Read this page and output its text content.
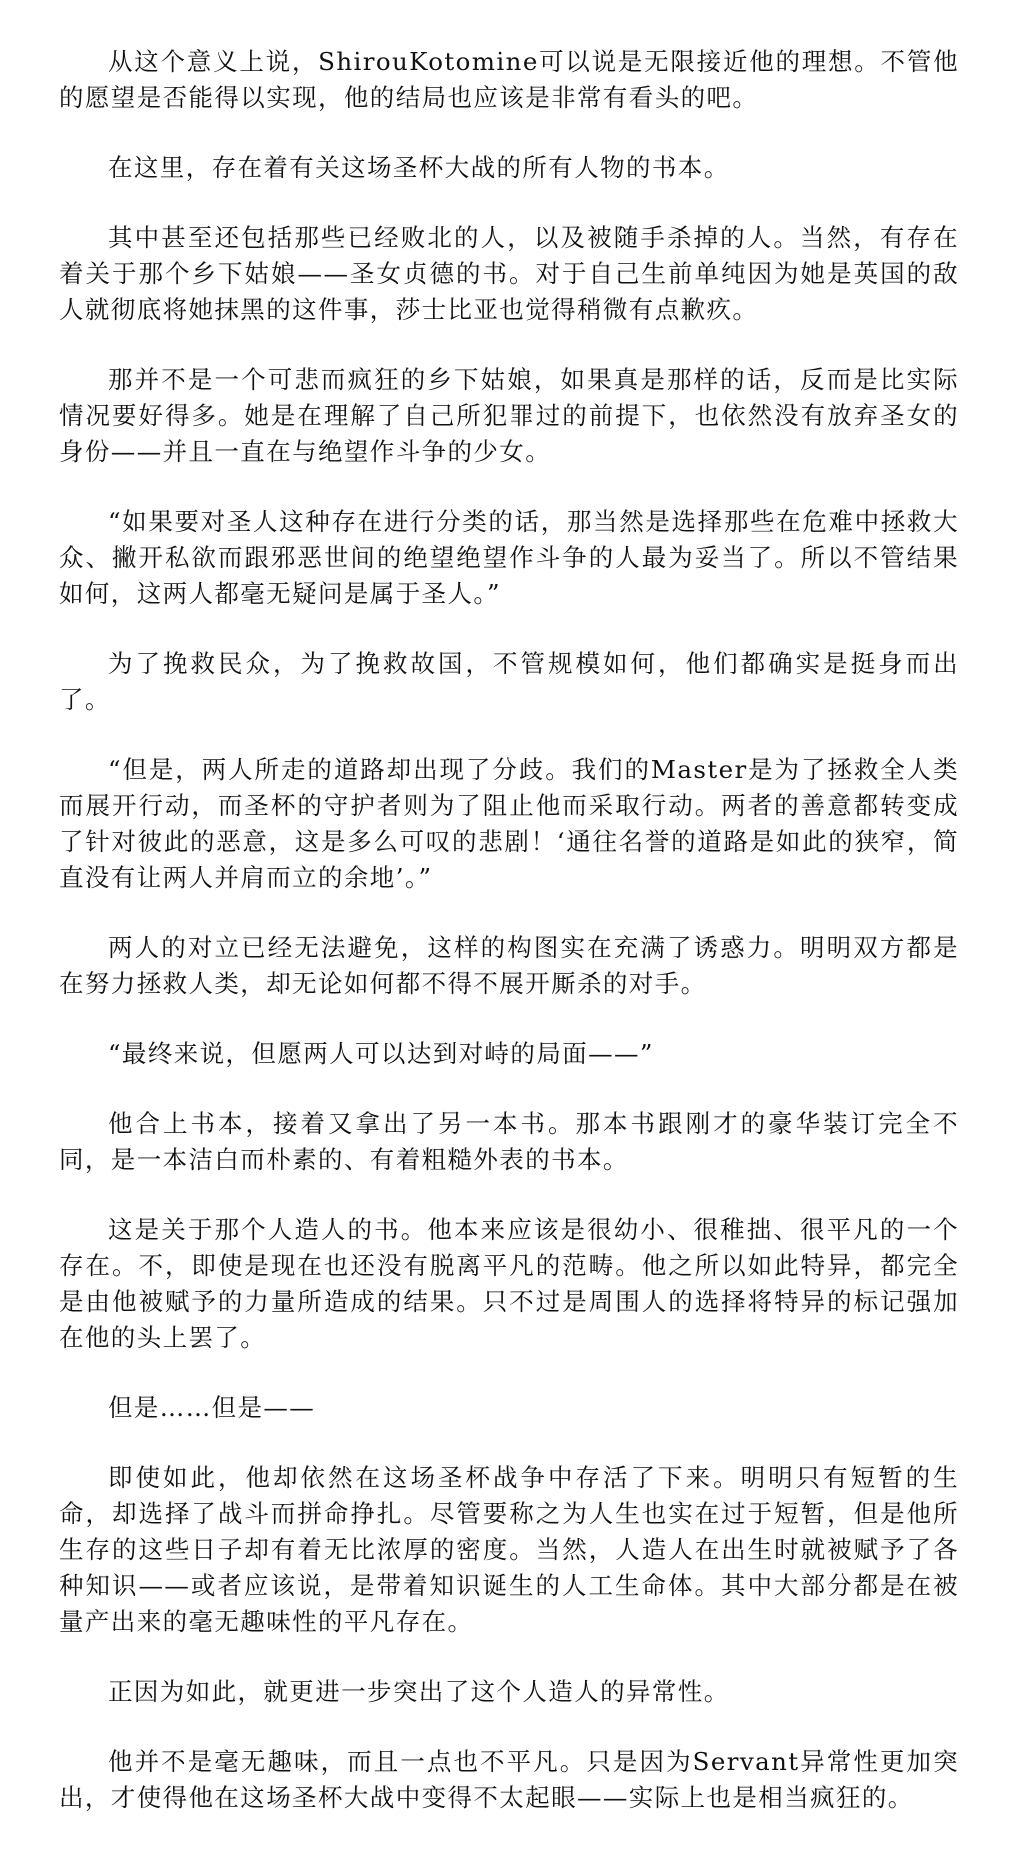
从这个意义上说，ShirouKotomine可以说是无限接近他的理想。不管他的愿望是否能得以实现，他的结局也应该是非常有看头的吧。

在这里，存在着有关这场圣杯大战的所有人物的书本。

其中甚至还包括那些已经败北的人，以及被随手杀掉的人。当然，有存在着关于那个乡下姑娘——圣女贞德的书。对于自己生前单纯因为她是英国的敌人就彻底将她抹黑的这件事，莎士比亚也觉得稍微有点歉疚。

那并不是一个可悲而疯狂的乡下姑娘，如果真是那样的话，反而是比实际情况要好得多。她是在理解了自己所犯罪过的前提下，也依然没有放弃圣女的身份——并且一直在与绝望作斗争的少女。

“如果要对圣人这种存在进行分类的话，那当然是选择那些在危难中拯救大众、撇开私欲而跟邪恶世间的绝望绝望作斗争的人最为妥当了。所以不管结果如何，这两人都毫无疑问是属于圣人。”

为了挽救民众，为了挽救故国，不管规模如何，他们都确实是挺身而出了。

“但是，两人所走的道路却出现了分歧。我们的Master是为了拯救全人类而展开行动，而圣杯的守护者则为了阻止他而采取行动。两者的善意都转变成了针对彼此的恶意，这是多么可叹的悲剧！‘通往名誉的道路是如此的狭窄，简直没有让两人并肩而立的余地’。”

两人的对立已经无法避免，这样的构图实在充满了诱惑力。明明双方都是在努力拯救人类，却无论如何都不得不展开厮杀的对手。

“最终来说，但愿两人可以达到对峙的局面——”

他合上书本，接着又拿出了另一本书。那本书跟刚才的豪华装订完全不同，是一本洁白而朴素的、有着粗糙外表的书本。

这是关于那个人造人的书。他本来应该是很幼小、很稚拙、很平凡的一个存在。不，即使是现在也还没有脱离平凡的范畴。他之所以如此特异，都完全是由他被赋予的力量所造成的结果。只不过是周围人的选择将特异的标记强加在他的头上罢了。

但是……但是——

即使如此，他却依然在这场圣杯战争中存活了下来。明明只有短暂的生命，却选择了战斗而拼命挣扎。尽管要称之为人生也实在过于短暂，但是他所生存的这些日子却有着无比浓厚的密度。当然，人造人在出生时就被赋予了各种知识——或者应该说，是带着知识诞生的人工生命体。其中大部分都是在被量产出来的毫无趣味性的平凡存在。

正因为如此，就更进一步突出了这个人造人的异常性。

他并不是毫无趣味，而且一点也不平凡。只是因为Servant异常性更加突出，才使得他在这场圣杯大战中变得不太起眼——实际上也是相当疯狂的。
